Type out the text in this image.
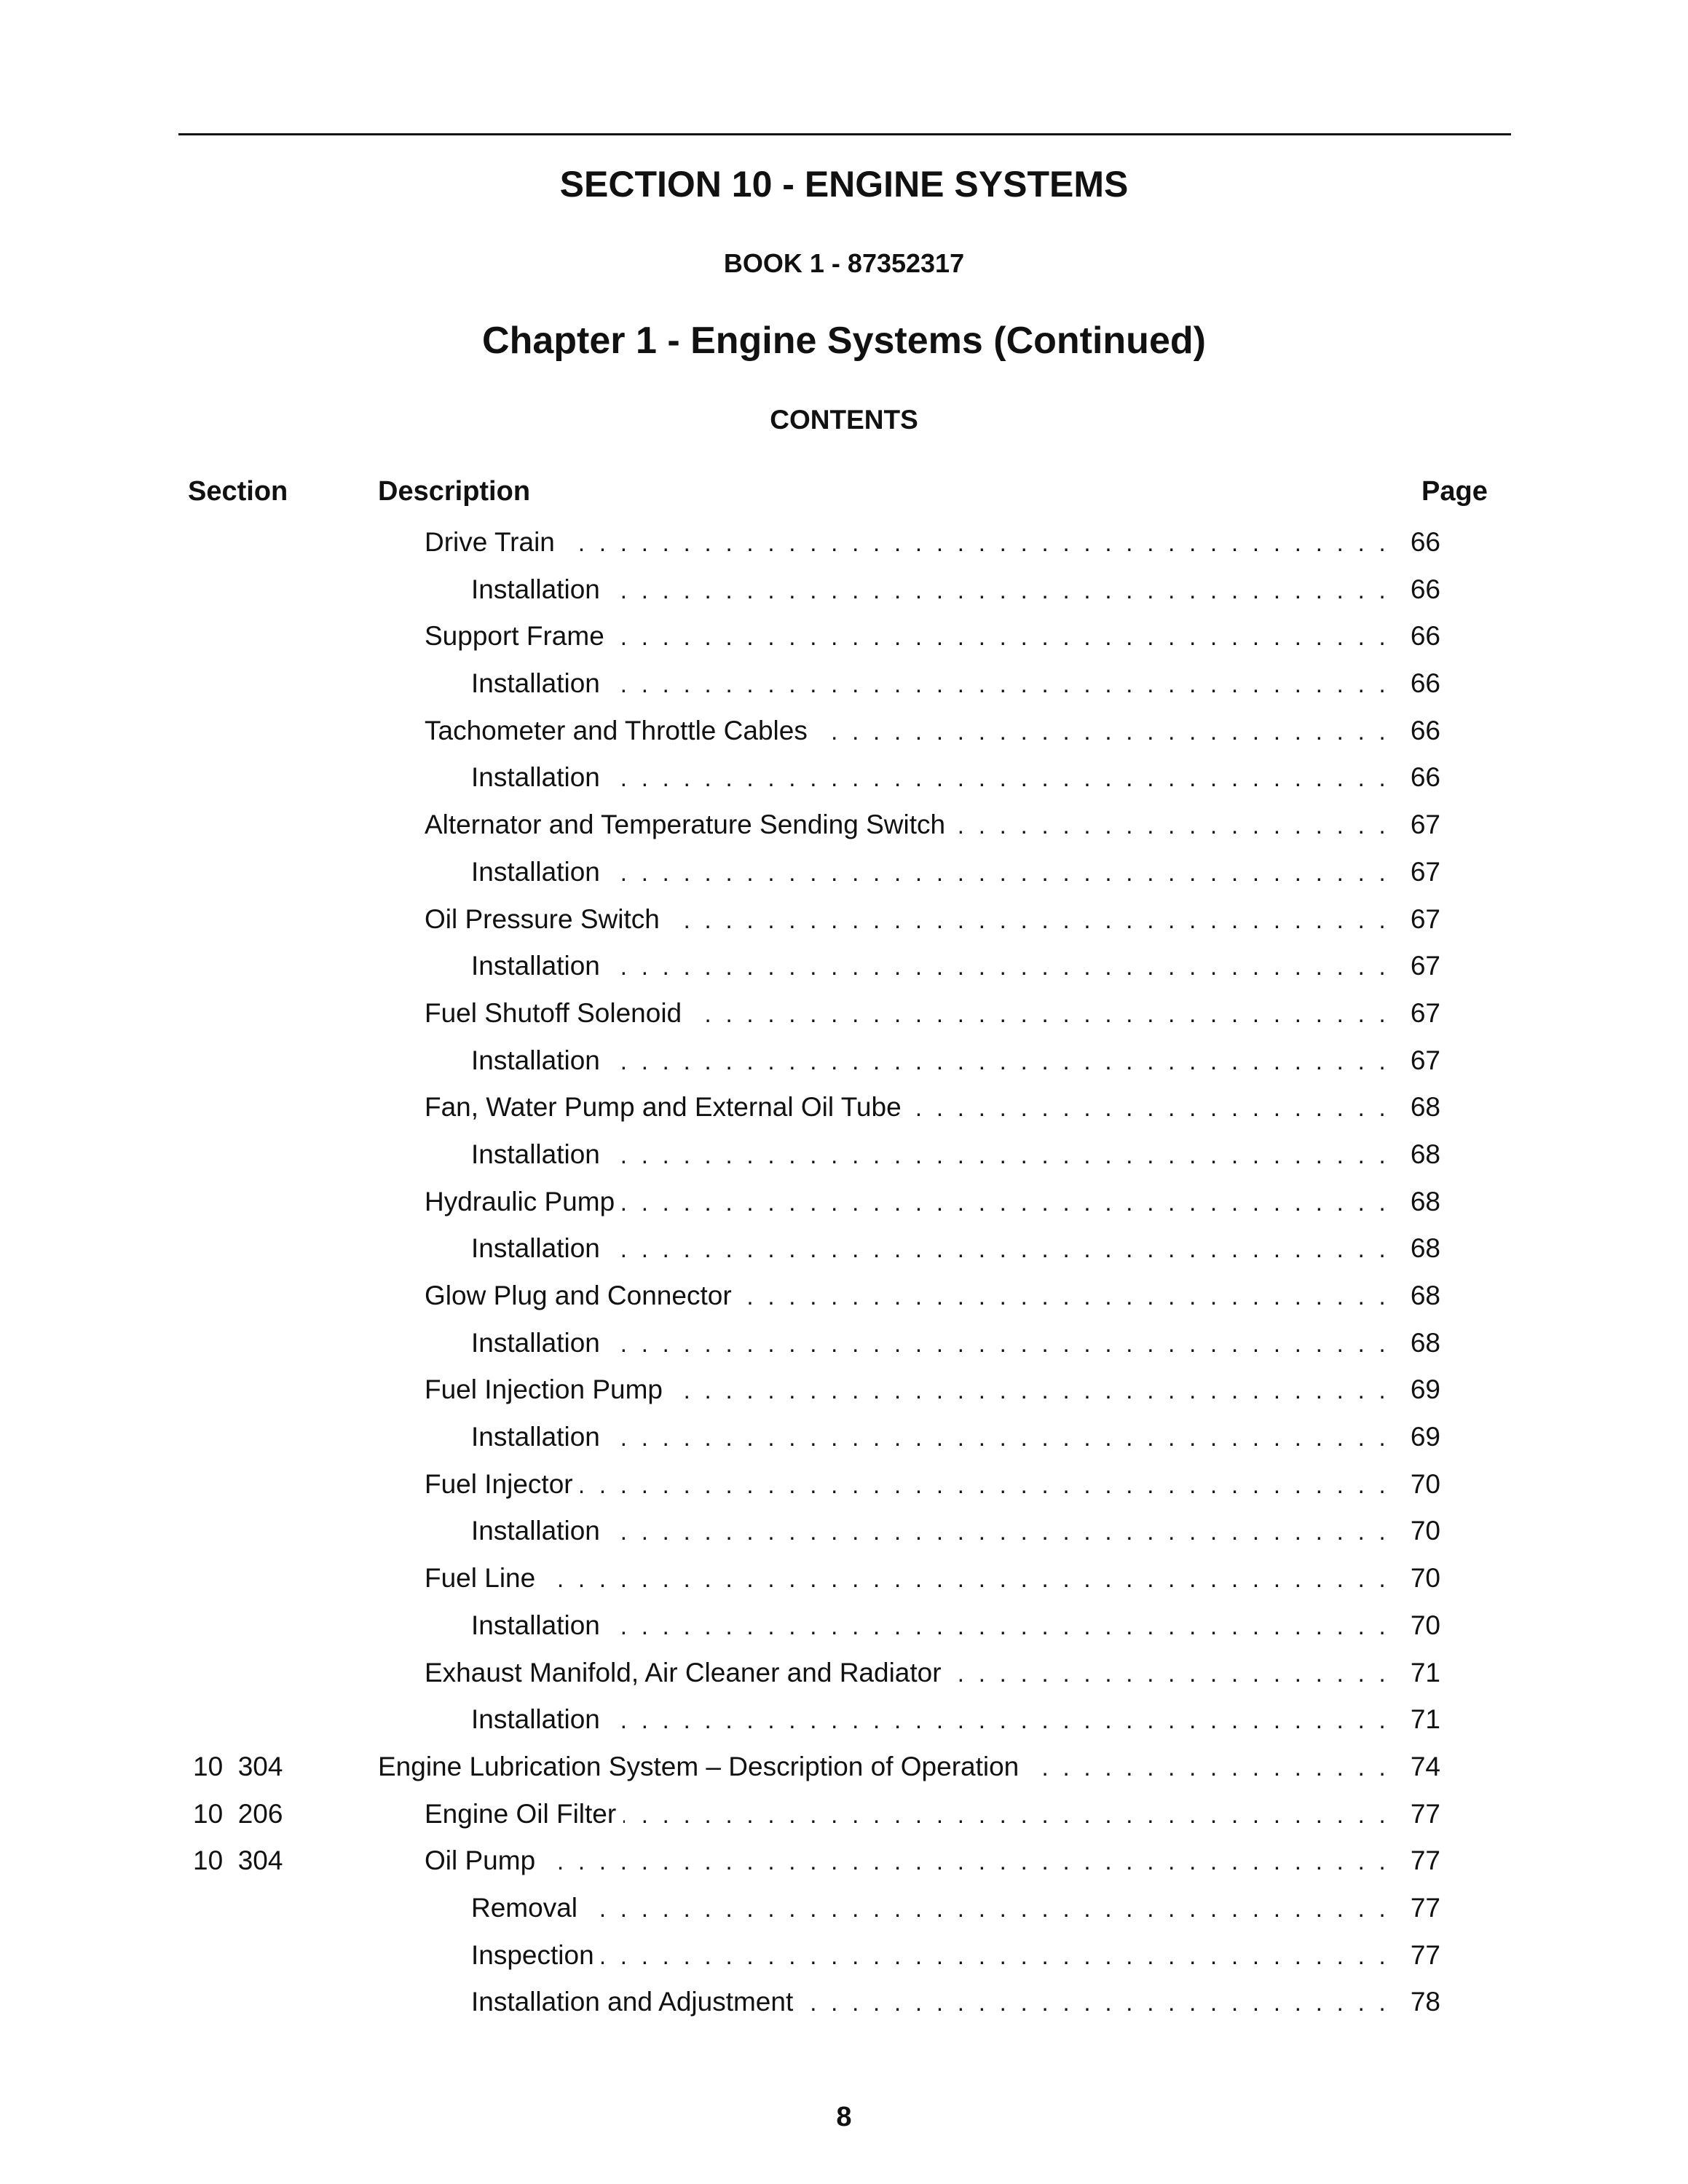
SECTION 10 - ENGINE SYSTEMS
BOOK 1 - 87352317
Chapter 1 - Engine Systems (Continued)
CONTENTS
Section	Description	Page
Drive Train . . .	66
Installation . . .	66
Support Frame . . .	66
Installation . . .	66
Tachometer and Throttle Cables . . .	66
Installation . . .	66
Alternator and Temperature Sending Switch . . .	67
Installation . . .	67
Oil Pressure Switch . . .	67
Installation . . .	67
Fuel Shutoff Solenoid . . .	67
Installation . . .	67
Fan, Water Pump and External Oil Tube . . .	68
Installation . . .	68
Hydraulic Pump . . .	68
Installation . . .	68
Glow Plug and Connector . . .	68
Installation . . .	68
Fuel Injection Pump . . .	69
Installation . . .	69
Fuel Injector . . .	70
Installation . . .	70
Fuel Line . . .	70
Installation . . .	70
Exhaust Manifold, Air Cleaner and Radiator . . .	71
Installation . . .	71
10  304	Engine Lubrication System – Description of Operation . . .	74
10  206	Engine Oil Filter . . .	77
10  304	Oil Pump . . .	77
Removal . . .	77
Inspection . . .	77
Installation and Adjustment . . .	78
8
